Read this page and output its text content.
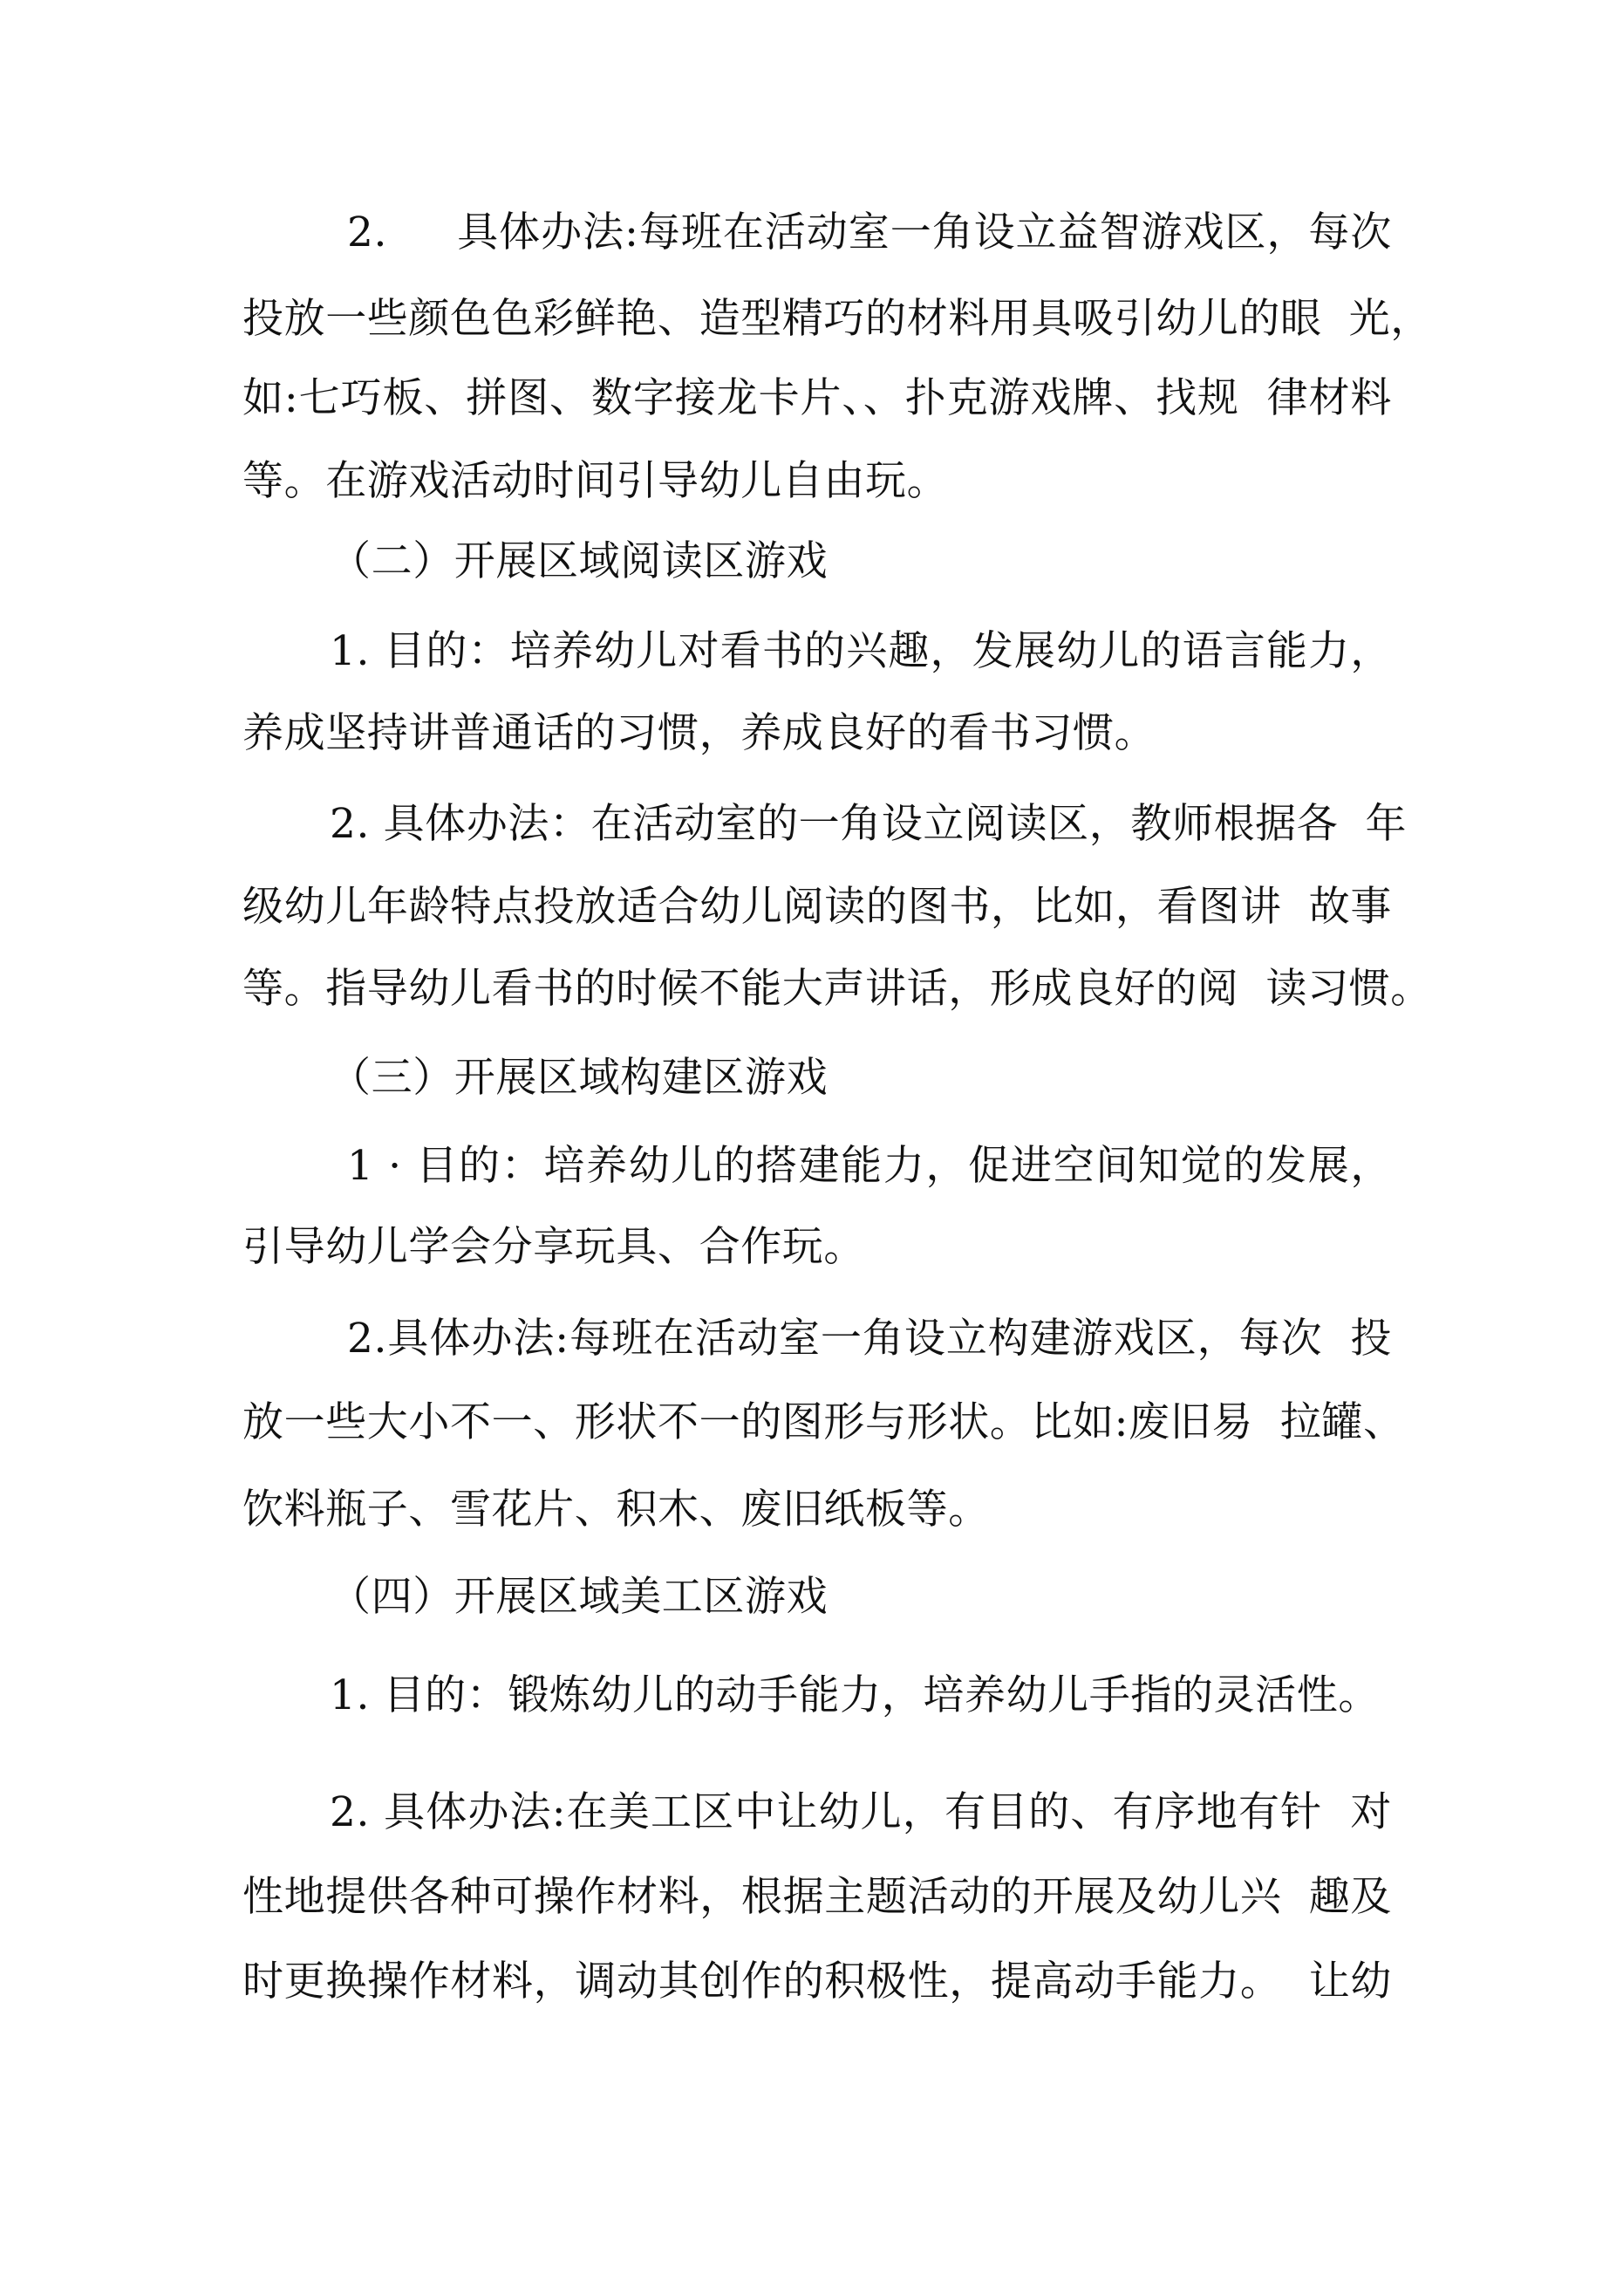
2.　  具体办法:每班在活动室一角设立益智游戏区，每次

投放一些颜色色彩鲜艳、造型精巧的材料用具吸引幼儿的眼  光，

如:七巧板、拼图、数字接龙卡片、、扑克游戏牌、找规  律材料

等。在游戏活动时间引导幼儿自由玩。

（二）开展区域阅读区游戏

1. 目的：培养幼儿对看书的兴趣，发展幼儿的语言能力，

养成坚持讲普通话的习惯，养成良好的看书习惯。

2. 具体办法：在活动室的一角设立阅读区，教师根据各  年

级幼儿年龄特点投放适合幼儿阅读的图书，比如，看图讲  故事

等。指导幼儿看书的时候不能大声讲话，形成良好的阅  读习惯。

（三）开展区域构建区游戏

1 · 目的：培养幼儿的搭建能力，促进空间知觉的发展，

引导幼儿学会分享玩具、合作玩。

2.具体办法:每班在活动室一角设立构建游戏区，每次  投

放一些大小不一、形状不一的图形与形状。比如:废旧易  拉罐、

饮料瓶子、雪花片、积木、废旧纸板等。

（四）开展区域美工区游戏

1. 目的：锻炼幼儿的动手能力，培养幼儿手指的灵活性。

2. 具体办法:在美工区中让幼儿，有目的、有序地有针  对

性地提供各种可操作材料，根据主题活动的开展及幼儿兴  趣及

时更换操作材料，调动其创作的积极性，提高动手能力。  让幼
